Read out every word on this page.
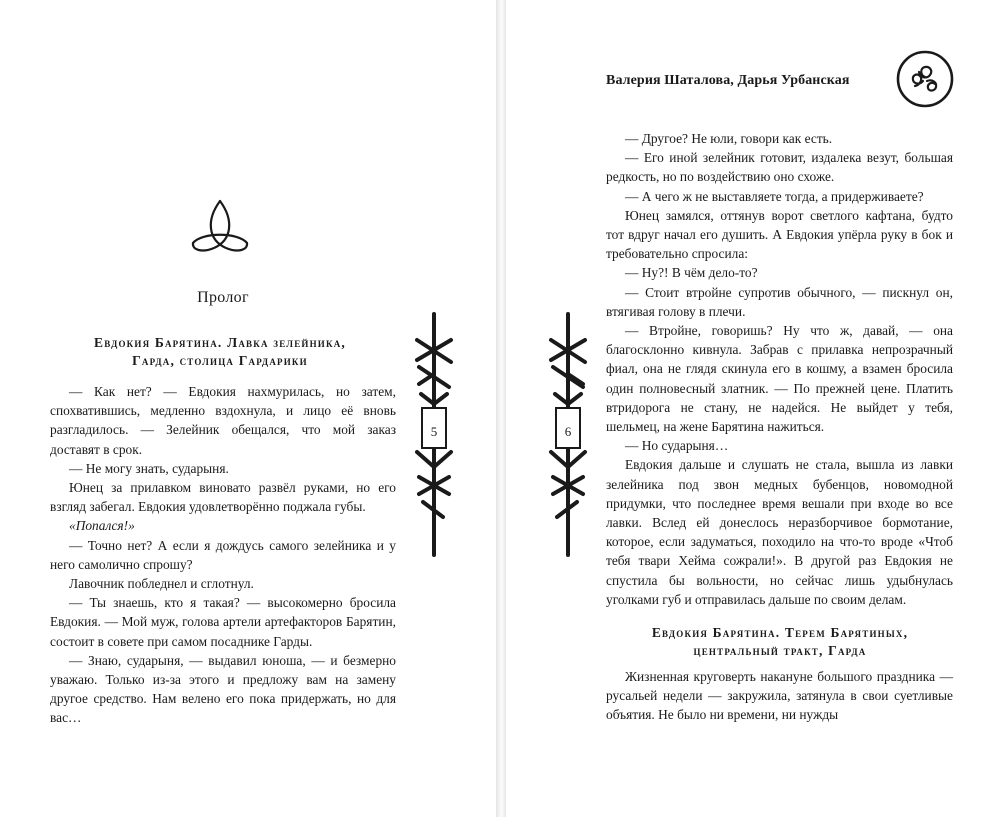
Пролог
Евдокия Барятина. Лавка зелейника,
Гарда, столица Гардарики

— Как нет? — Евдокия нахмурилась, но затем, спохватившись, медленно вздохнула, и лицо её вновь разгладилось. — Зелейник обещался, что мой заказ доставят в срок.

— Не могу знать, сударыня.

Юнец за прилавком виновато развёл руками, но его взгляд забегал. Евдокия удовлетворённо поджала губы.

«Попался!»

— Точно нет? А если я дождусь самого зелейника и у него самолично спрошу?

Лавочник побледнел и сглотнул.

— Ты знаешь, кто я такая? — высокомерно бросила Евдокия. — Мой муж, голова артели артефакторов Барятин, состоит в совете при самом посаднике Гарды.

— Знаю, сударыня, — выдавил юноша, — и безмерно уважаю. Только из-за этого и предложу вам на замену другое средство. Нам велено его пока придержать, но для вас…

5	6
Валерия Шаталова, Дарья Урбанская

— Другое? Не юли, говори как есть.

— Его иной зелейник готовит, издалека везут, большая редкость, но по воздействию оно схоже.

— А чего ж не выставляете тогда, а придерживаете?

Юнец замялся, оттянув ворот светлого кафтана, будто тот вдруг начал его душить. А Евдокия упёрла руку в бок и требовательно спросила:

— Ну?! В чём дело-то?

— Стоит втройне супротив обычного, — пискнул он, втягивая голову в плечи.

— Втройне, говоришь? Ну что ж, давай, — она благосклонно кивнула. Забрав с прилавка непрозрачный фиал, она не глядя скинула его в кошму, а взамен бросила один полновесный златник. — По прежней цене. Платить втридорога не стану, не надейся. Не выйдет у тебя, шельмец, на жене Барятина нажиться.

— Но сударыня…

Евдокия дальше и слушать не стала, вышла из лавки зелейника под звон медных бубенцов, новомодной придумки, что последнее время вешали при входе во все лавки. Вслед ей донеслось неразборчивое бормотание, которое, если задуматься, походило на что-то вроде «Чтоб тебя твари Хейма сожрали!». В другой раз Евдокия не спустила бы вольности, но сейчас лишь удыбнулась уголками губ и отправилась дальше по своим делам.

Евдокия Барятина. Терем Барятиных,
центральный тракт, Гарда

Жизненная круговерть накануне большого праздника — русальей недели — закружила, затянула в свои суетливые объятия. Не было ни времени, ни нужды
